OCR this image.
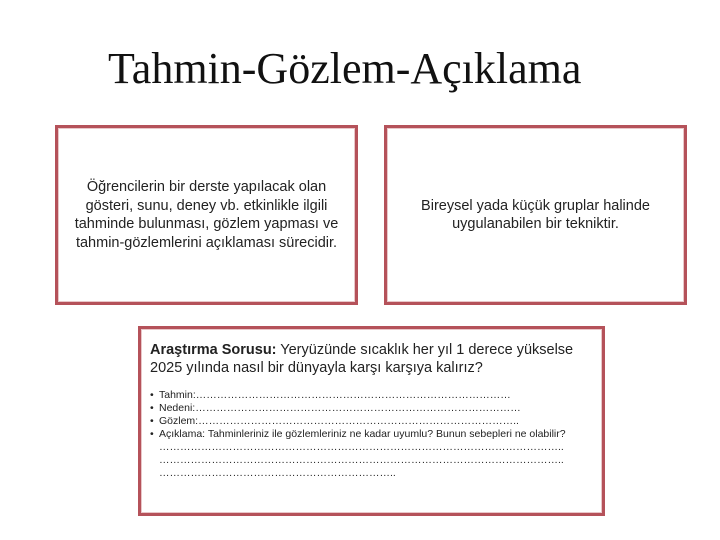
Tahmin-Gözlem-Açıklama
Öğrencilerin bir derste yapılacak olan gösteri, sunu, deney vb. etkinlikle ilgili tahminde bulunması, gözlem yapması ve tahmin-gözlemlerini açıklaması sürecidir.
Bireysel yada küçük gruplar halinde uygulanabilen bir tekniktir.
Araştırma Sorusu: Yeryüzünde sıcaklık her yıl 1 derece yükselse 2025 yılında nasıl bir dünyayla karşı karşıya kalırız?
• Tahmin:………………………………………………………………………………
• Nedeni:…………………………………………………………………………………
• Gözlem:………………………………………………………………………………..
• Açıklama: Tahminleriniz ile gözlemleriniz ne kadar uyumlu? Bunun sebepleri ne olabilir?
……………………………………………………………………………………………………..
……………………………………………………………………………………………………..
…………………………………………………………..
